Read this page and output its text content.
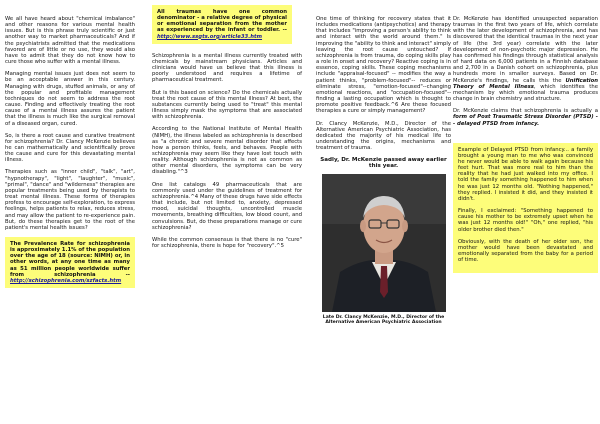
We all have heard about "chemical imbalance" and other reasons for various mental health issues. But is this phrase truly scientific or just another way to market pharmaceuticals? And if the psychiatrists admitted that the medications favored are of little or no use, they would also have to admit that they do not know how to cure those who suffer with a mental illness.

Managing mental issues just does not seem to be an acceptable answer in this century. Managing with drugs, stuffed animals, or any of the popular and profitable management techniques do not seem to address the root cause. Finding and effectively treating the root cause of a mental illness assures the patient that the illness is much like the surgical removal of a diseased organ, cured.

So, is there a root cause and curative treatment for schizophrenia? Dr. Clancy McKenzie believes he can mathematically and scientifically prove the cause and cure for this devastating mental illness.

Therapies such as "inner child", "talk", "art", "hypnotherapy", "light", "laughter", "music", "primal", "dance" and "wilderness" therapies are popular treatments being used by therapists to treat mental illness. These forms of therapies profess to encourage self-exploration, to express feelings, helps patients to relax, reduces stress, and may allow the patient to re-experience pain. But, do these therapies get to the root of the patient's mental health issues?

The Prevalence Rate for schizophrenia is approximately 1.1% of the population over the age of 18 (source: NIMH) or, in other words, at any one time as many as 51 million people worldwide suffer from schizophrenia -- http://schizophrenia.com/szfacts.htm

All traumas have one common denominator - a relative degree of physical or emotional separation from the mother as experienced by the infant or toddler. -- http://www.ssgts.org/article33.htm

Schizophrenia is a mental illness currently treated with chemicals by mainstream physicians. Articles and clinicians would have us believe that this illness is poorly understood and requires a lifetime of pharmaceutical treatment.

But is this based on science? Do the chemicals actually treat the root cause of this mental illness? At best, the substances currently being used to "treat" this mental illness simply mask the symptoms that are associated with schizophrenia.

According to the National Institute of Mental Health (NIMH), the illness labeled as schizophrenia is described as "a chronic and severe mental disorder that affects how a person thinks, feels, and behaves. People with schizophrenia may seem like they have lost touch with reality. Although schizophrenia is not as common as other mental disorders, the symptoms can be very disabling."^3

One list catalogs 49 pharmaceuticals that are commonly used under the guidelines of treatment for schizophrenia.^4 Many of these drugs have side effects that include, but not limited to, anxiety, depressed mood, suicidal thoughts, uncontrolled muscle movements, breathing difficulties, low blood count, and convulsions. But, do these preparations manage or cure schizophrenia?

While the common consensus is that there is no "cure" for schizophrenia, there is hope for "recovery".^5

One time of thinking for recovery states that it includes medications (antipsychotics) and therapy that includes "improving a person's ability to think and interact with the world around them." Is improving the "ability to think and interact" simply leaving the root cause untouched? If schizophrenia is from trauma, do coping skills play a role in onset and recovery? Reactive coping is in essence, coping skills. These coping mechanisms include "appraisal-focused" -- modifies the way a patient thinks, "problem-focused"-- reduces or eliminate stress, "emotion-focused"--changing emotional reactions, and "occupation-focused"-- finding a lasting occupation which is thought to promote positive feedback.^6 Are these focused therapies a cure or simply management?

Dr. Clancy McKenzie, M.D., Director of the Alternative American Psychiatric Association, has dedicated the majority of his medical life to understanding the origins, mechanisms and treatment of trauma.

Sadly, Dr. McKenzie passed away earlier this year.
Late Dr. Clancy McKenzie, M.D., Director of the Alternative American Psychiatric Association

Dr. McKenzie has identified unsuspected separation traumas in the first two years of life, which correlate with the later development of schizophrenia, and has discovered that the identical traumas in the next year of life (the 3rd year) correlate with the later development of non-psychotic major depression. He has confirmed his findings through statistical analysis of hard data on 6,000 patients in a Finnish database and 2,700 in a Danish cohort on schizophrenia, plus hundreds more in smaller surveys. Based on Dr. McKenzie's findings, he calls this the Unification Theory of Mental Illness, which identifies the mechanism by which emotional trauma produces change in brain chemistry and structure.

Dr. McKenzie claims that schizophrenia is actually a form of Post Traumatic Stress Disorder (PTSD) -- delayed PTSD from infancy.

Example of Delayed PTSD from infancy... a family brought a young man to me who was convinced he never would be able to walk again because his feet hurt. That was more real to him than the reality that he had just walked into my office. I told the family something happened to him when he was just 12 months old. "Nothing happened," they replied. I insisted it did, and they insisted it didn't.

Finally, I exclaimed: "Something happened to cause his mother to be extremely upset when he was just 12 months old!" "Oh," one replied, "his older brother died then."

Obviously, with the death of her older son, the mother would have been devastated and emotionally separated from the baby for a period of time.
